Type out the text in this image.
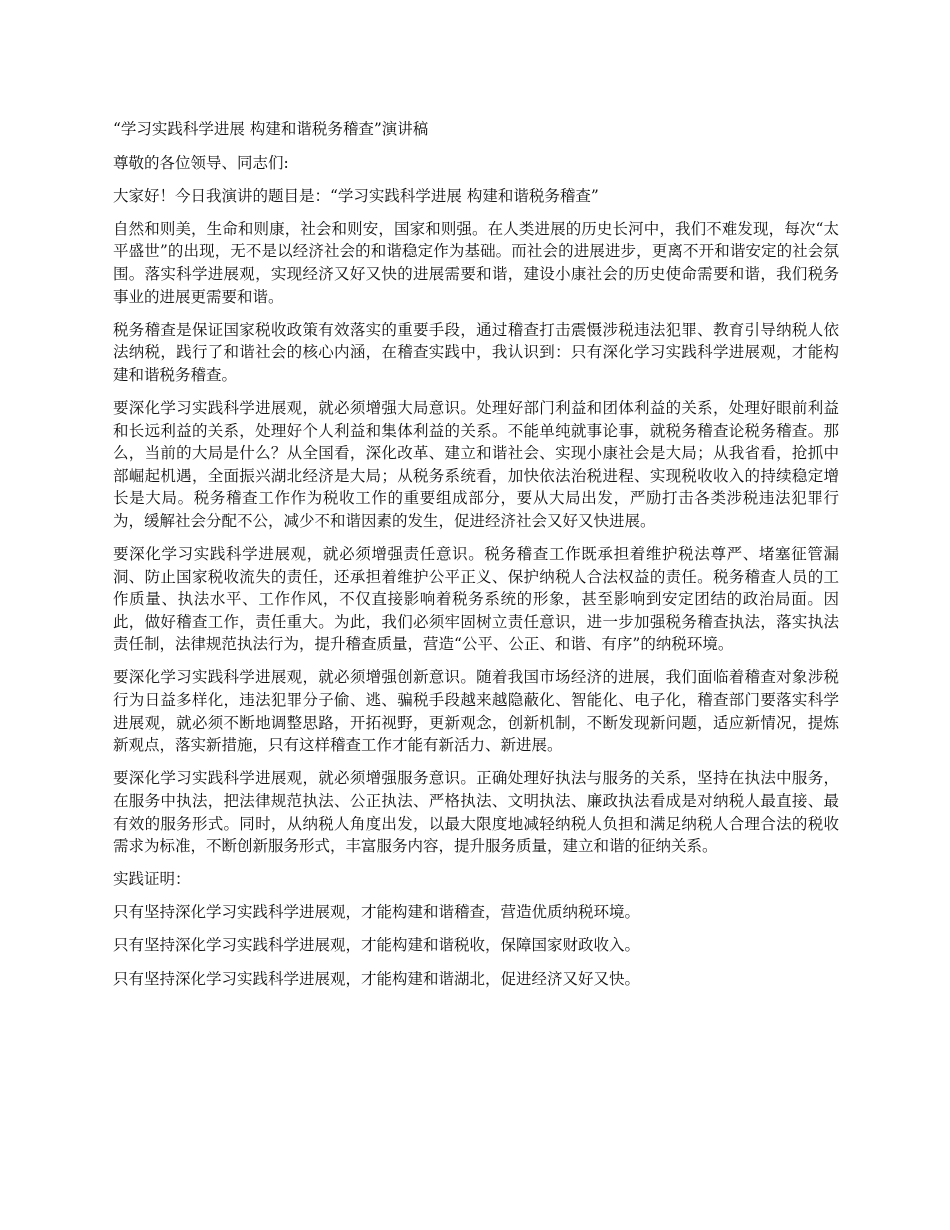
“学习实践科学进展 构建和谐税务稽查”演讲稿

尊敬的各位领导、同志们:

大家好！今日我演讲的题目是：“学习实践科学进展 构建和谐税务稽查”

自然和则美，生命和则康，社会和则安，国家和则强。在人类进展的历史长河中，我们不难发现，每次“太平盛世”的出现，无不是以经济社会的和谐稳定作为基础。而社会的进展进步，更离不开和谐安定的社会氛围。落实科学进展观，实现经济又好又快的进展需要和谐，建设小康社会的历史使命需要和谐，我们税务事业的进展更需要和谐。

税务稽查是保证国家税收政策有效落实的重要手段，通过稽查打击震慑涉税违法犯罪、教育引导纳税人依法纳税，践行了和谐社会的核心内涵，在稽查实践中，我认识到：只有深化学习实践科学进展观，才能构建和谐税务稽查。

要深化学习实践科学进展观，就必须增强大局意识。处理好部门利益和团体利益的关系，处理好眼前利益和长远利益的关系，处理好个人利益和集体利益的关系。不能单纯就事论事，就税务稽查论税务稽查。那么，当前的大局是什么？从全国看，深化改革、建立和谐社会、实现小康社会是大局；从我省看，抢抓中部崛起机遇，全面振兴湖北经济是大局；从税务系统看，加快依法治税进程、实现税收收入的持续稳定增长是大局。税务稽查工作作为税收工作的重要组成部分，要从大局出发，严励打击各类涉税违法犯罪行为，缓解社会分配不公，减少不和谐因素的发生，促进经济社会又好又快进展。

要深化学习实践科学进展观，就必须增强责任意识。税务稽查工作既承担着维护税法尊严、堵塞征管漏洞、防止国家税收流失的责任，还承担着维护公平正义、保护纳税人合法权益的责任。税务稽查人员的工作质量、执法水平、工作作风，不仅直接影响着税务系统的形象，甚至影响到安定团结的政治局面。因此，做好稽查工作，责任重大。为此，我们必须牢固树立责任意识，进一步加强税务稽查执法，落实执法责任制，法律规范执法行为，提升稽查质量，营造“公平、公正、和谐、有序”的纳税环境。

要深化学习实践科学进展观，就必须增强创新意识。随着我国市场经济的进展，我们面临着稽查对象涉税行为日益多样化，违法犯罪分子偷、逃、骗税手段越来越隐蔽化、智能化、电子化，稽查部门要落实科学进展观，就必须不断地调整思路，开拓视野，更新观念，创新机制，不断发现新问题，适应新情况，提炼新观点，落实新措施，只有这样稽查工作才能有新活力、新进展。

要深化学习实践科学进展观，就必须增强服务意识。正确处理好执法与服务的关系，坚持在执法中服务，在服务中执法，把法律规范执法、公正执法、严格执法、文明执法、廉政执法看成是对纳税人最直接、最有效的服务形式。同时，从纳税人角度出发，以最大限度地减轻纳税人负担和满足纳税人合理合法的税收需求为标准，不断创新服务形式，丰富服务内容，提升服务质量，建立和谐的征纳关系。

实践证明：

只有坚持深化学习实践科学进展观，才能构建和谐稽查，营造优质纳税环境。

只有坚持深化学习实践科学进展观，才能构建和谐税收，保障国家财政收入。

只有坚持深化学习实践科学进展观，才能构建和谐湖北，促进经济又好又快。
